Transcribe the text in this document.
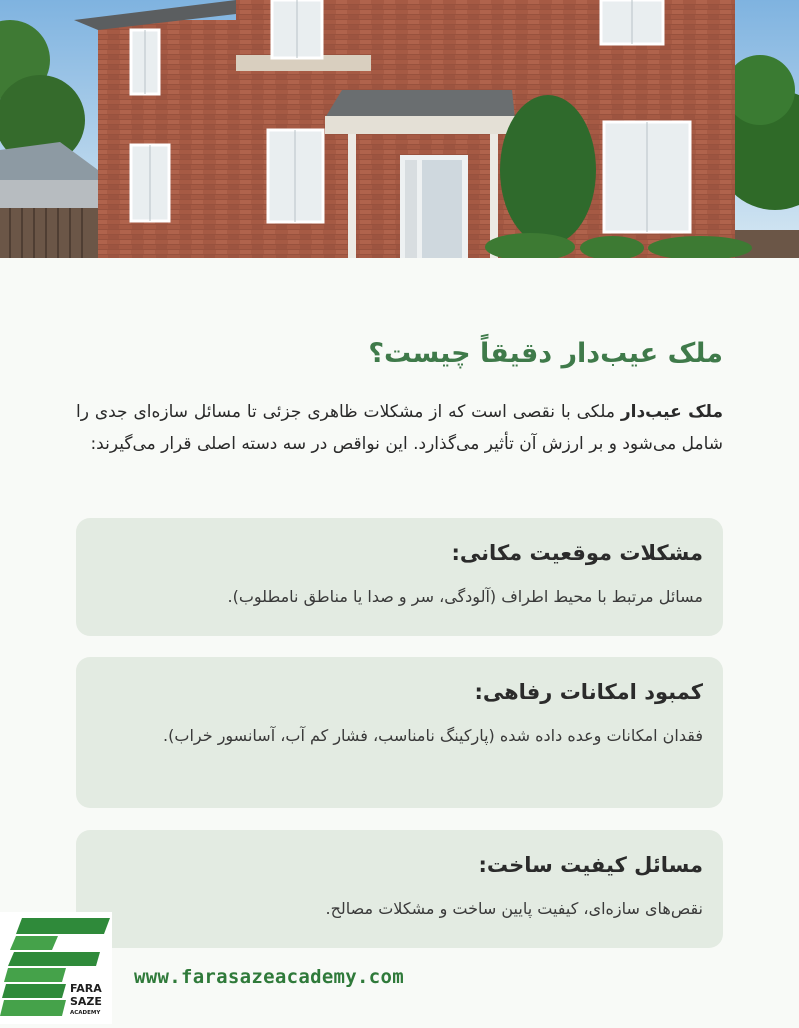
ملک عیب‌دار دقیقاً چیست؟

ملک عیب‌دار ملکی با نقصی است که از مشکلات ظاهری جزئی تا مسائل سازه‌ای جدی را شامل می‌شود و بر ارزش آن تأثیر می‌گذارد. این نواقص در سه دسته اصلی قرار می‌گیرند:

مشکلات موقعیت مکانی:

مسائل مرتبط با محیط اطراف (آلودگی، سر و صدا یا مناطق نامطلوب).

کمبود امکانات رفاهی:

فقدان امکانات وعده داده شده (پارکینگ نامناسب، فشار کم آب، آسانسور خراب).

مسائل کیفیت ساخت:

نقص‌های سازه‌ای، کیفیت پایین ساخت و مشکلات مصالح.

FARA
SAZE
ACADEMY
www.farasazeacademy.com
